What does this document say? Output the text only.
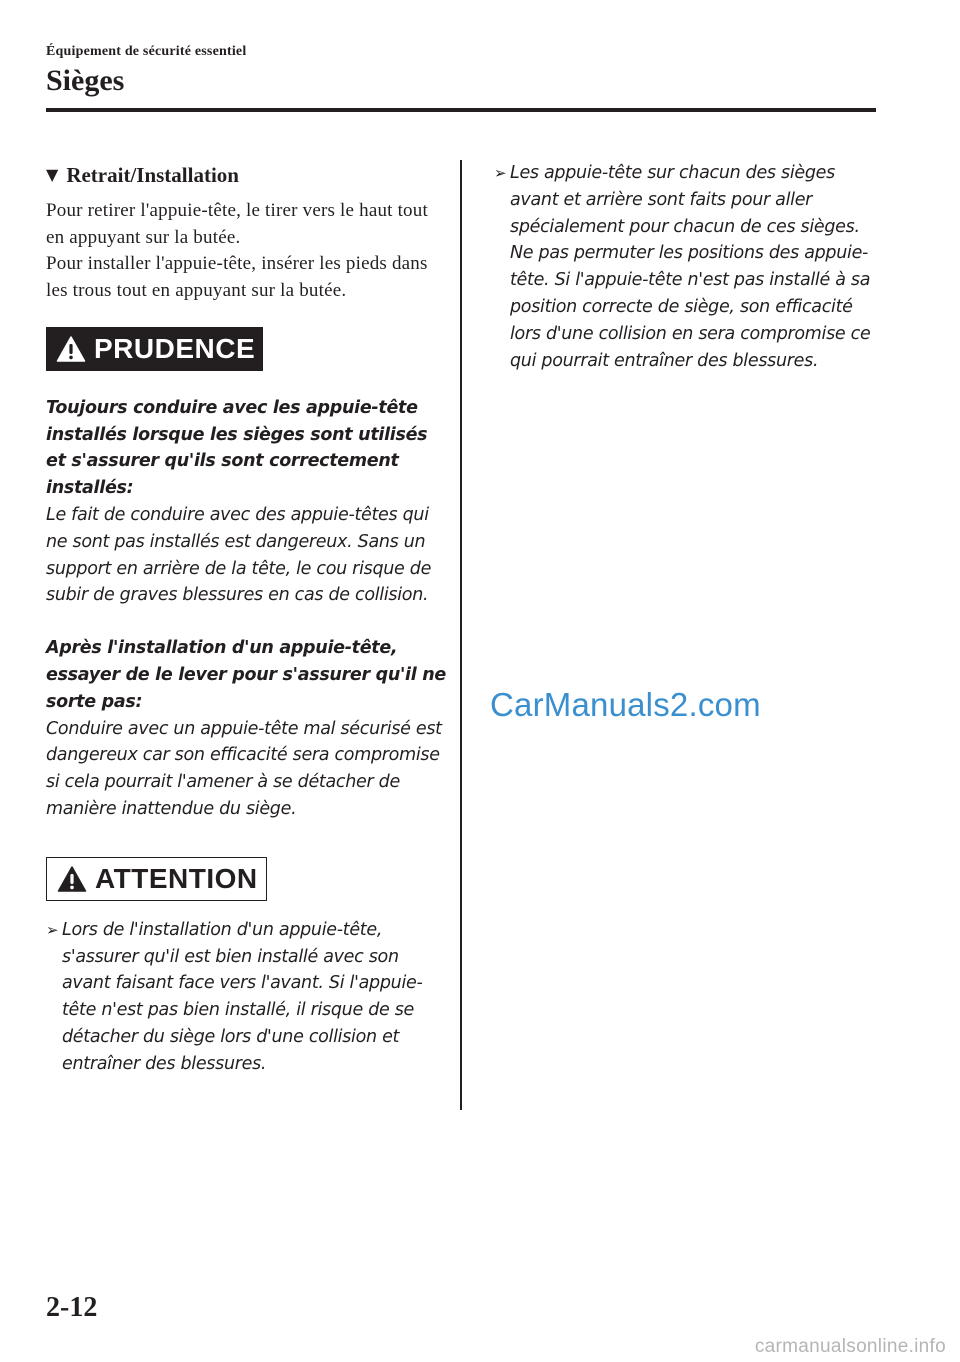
Équipement de sécurité essentiel
Sièges
▼ Retrait/Installation

Pour retirer l'appuie-tête, le tirer vers le haut tout en appuyant sur la butée.

Pour installer l'appuie-tête, insérer les pieds dans les trous tout en appuyant sur la butée.

PRUDENCE
Toujours conduire avec les appuie-tête installés lorsque les sièges sont utilisés et s'assurer qu'ils sont correctement installés:
Le fait de conduire avec des appuie-têtes qui ne sont pas installés est dangereux. Sans un support en arrière de la tête, le cou risque de subir de graves blessures en cas de collision.
Après l'installation d'un appuie-tête, essayer de le lever pour s'assurer qu'il ne sorte pas:
Conduire avec un appuie-tête mal sécurisé est dangereux car son efficacité sera compromise si cela pourrait l'amener à se détacher de manière inattendue du siège.
ATTENTION
➢ Lors de l'installation d'un appuie-tête, s'assurer qu'il est bien installé avec son avant faisant face vers l'avant. Si l'appuie-tête n'est pas bien installé, il risque de se détacher du siège lors d'une collision et entraîner des blessures.
➢ Les appuie-tête sur chacun des sièges avant et arrière sont faits pour aller spécialement pour chacun de ces sièges. Ne pas permuter les positions des appuie-tête. Si l'appuie-tête n'est pas installé à sa position correcte de siège, son efficacité lors d'une collision en sera compromise ce qui pourrait entraîner des blessures.
CarManuals2.com
2-12
carmanualsonline.info
